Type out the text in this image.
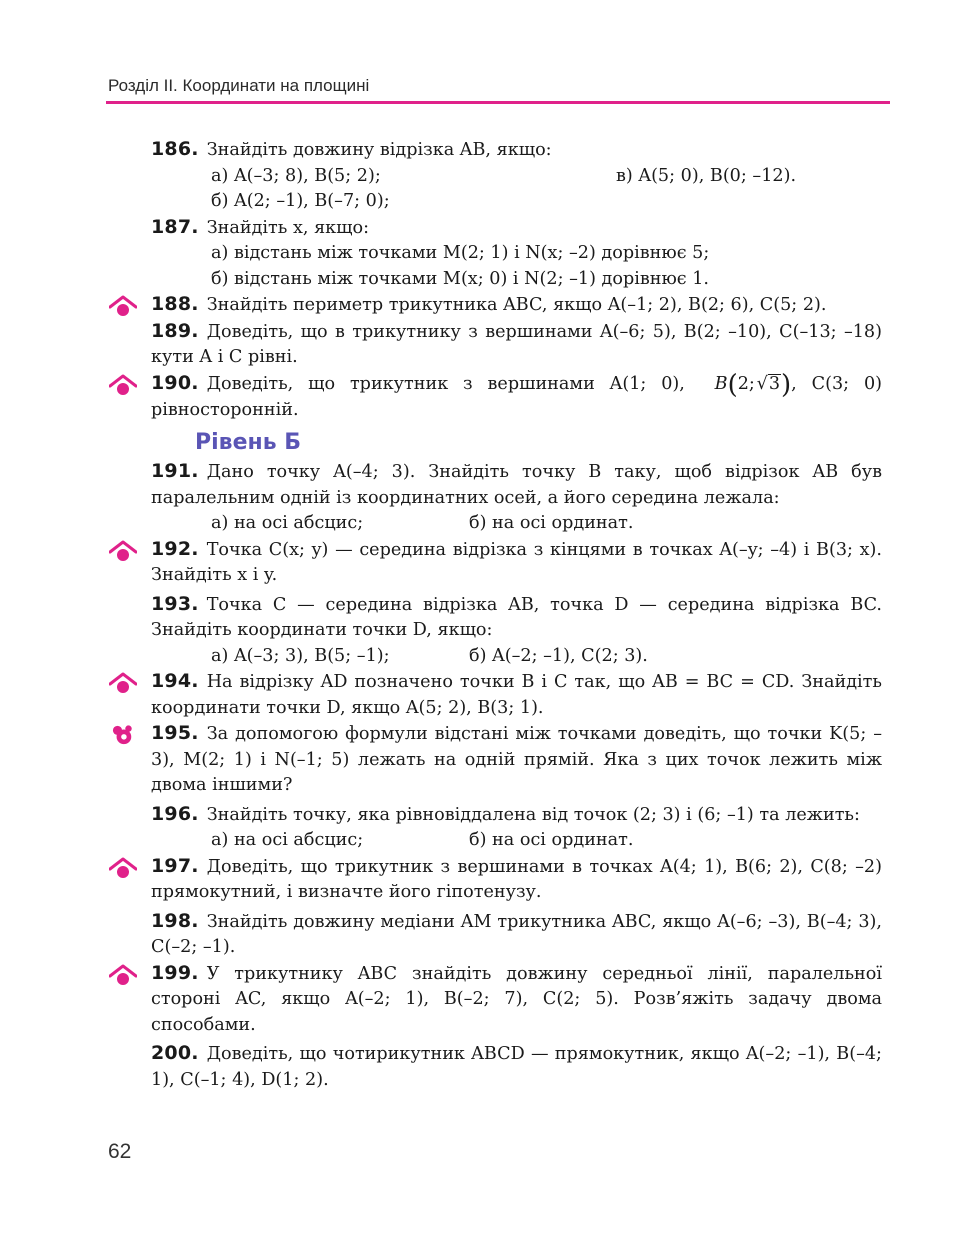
Розділ ІІ. Координати на площині

186. Знайдіть довжину відрізка AB, якщо:

а) A(–3; 8), B(5; 2);	в) A(5; 0), B(0; –12).
б) A(2; –1), B(–7; 0);

187. Знайдіть x, якщо:

а) відстань між точками M(2; 1) і N(x; –2) дорівнює 5;
б) відстань між точками M(x; 0) і N(2; –1) дорівнює 1.

188. Знайдіть периметр трикутника ABC, якщо A(–1; 2), B(2; 6), C(5; 2).

189. Доведіть, що в трикутнику з вершинами A(–6; 5), B(2; –10), C(–13; –18) кути A і C рівні.

190. Доведіть, що трикутник з вершинами A(1; 0), B(2; √3), C(3; 0) рівносторонній.

Рівень Б

191. Дано точку A(–4; 3). Знайдіть точку B таку, щоб відрізок AB був паралельним одній із координатних осей, а його середина лежала:

а) на осі абсцис;	б) на осі ординат.

192. Точка C(x; y) — середина відрізка з кінцями в точках A(–y; –4) і B(3; x). Знайдіть x і y.

193. Точка C — середина відрізка AB, точка D — середина відрізка BC. Знайдіть координати точки D, якщо:

а) A(–3; 3), B(5; –1);	б) A(–2; –1), C(2; 3).

194. На відрізку AD позначено точки B і C так, що AB = BC = CD. Знайдіть координати точки D, якщо A(5; 2), B(3; 1).

195. За допомогою формули відстані між точками доведіть, що точки K(5; –3), M(2; 1) і N(–1; 5) лежать на одній прямій. Яка з цих точок лежить між двома іншими?

196. Знайдіть точку, яка рівновіддалена від точок (2; 3) і (6; –1) та лежить:

а) на осі абсцис;	б) на осі ординат.

197. Доведіть, що трикутник з вершинами в точках A(4; 1), B(6; 2), C(8; –2) прямокутний, і визначте його гіпотенузу.

198. Знайдіть довжину медіани AM трикутника ABC, якщо A(–6; –3), B(–4; 3), C(–2; –1).

199. У трикутнику ABC знайдіть довжину середньої лінії, паралельної стороні AC, якщо A(–2; 1), B(–2; 7), C(2; 5). Розв’яжіть задачу двома способами.

200. Доведіть, що чотирикутник ABCD — прямокутник, якщо A(–2; –1), B(–4; 1), C(–1; 4), D(1; 2).

62
